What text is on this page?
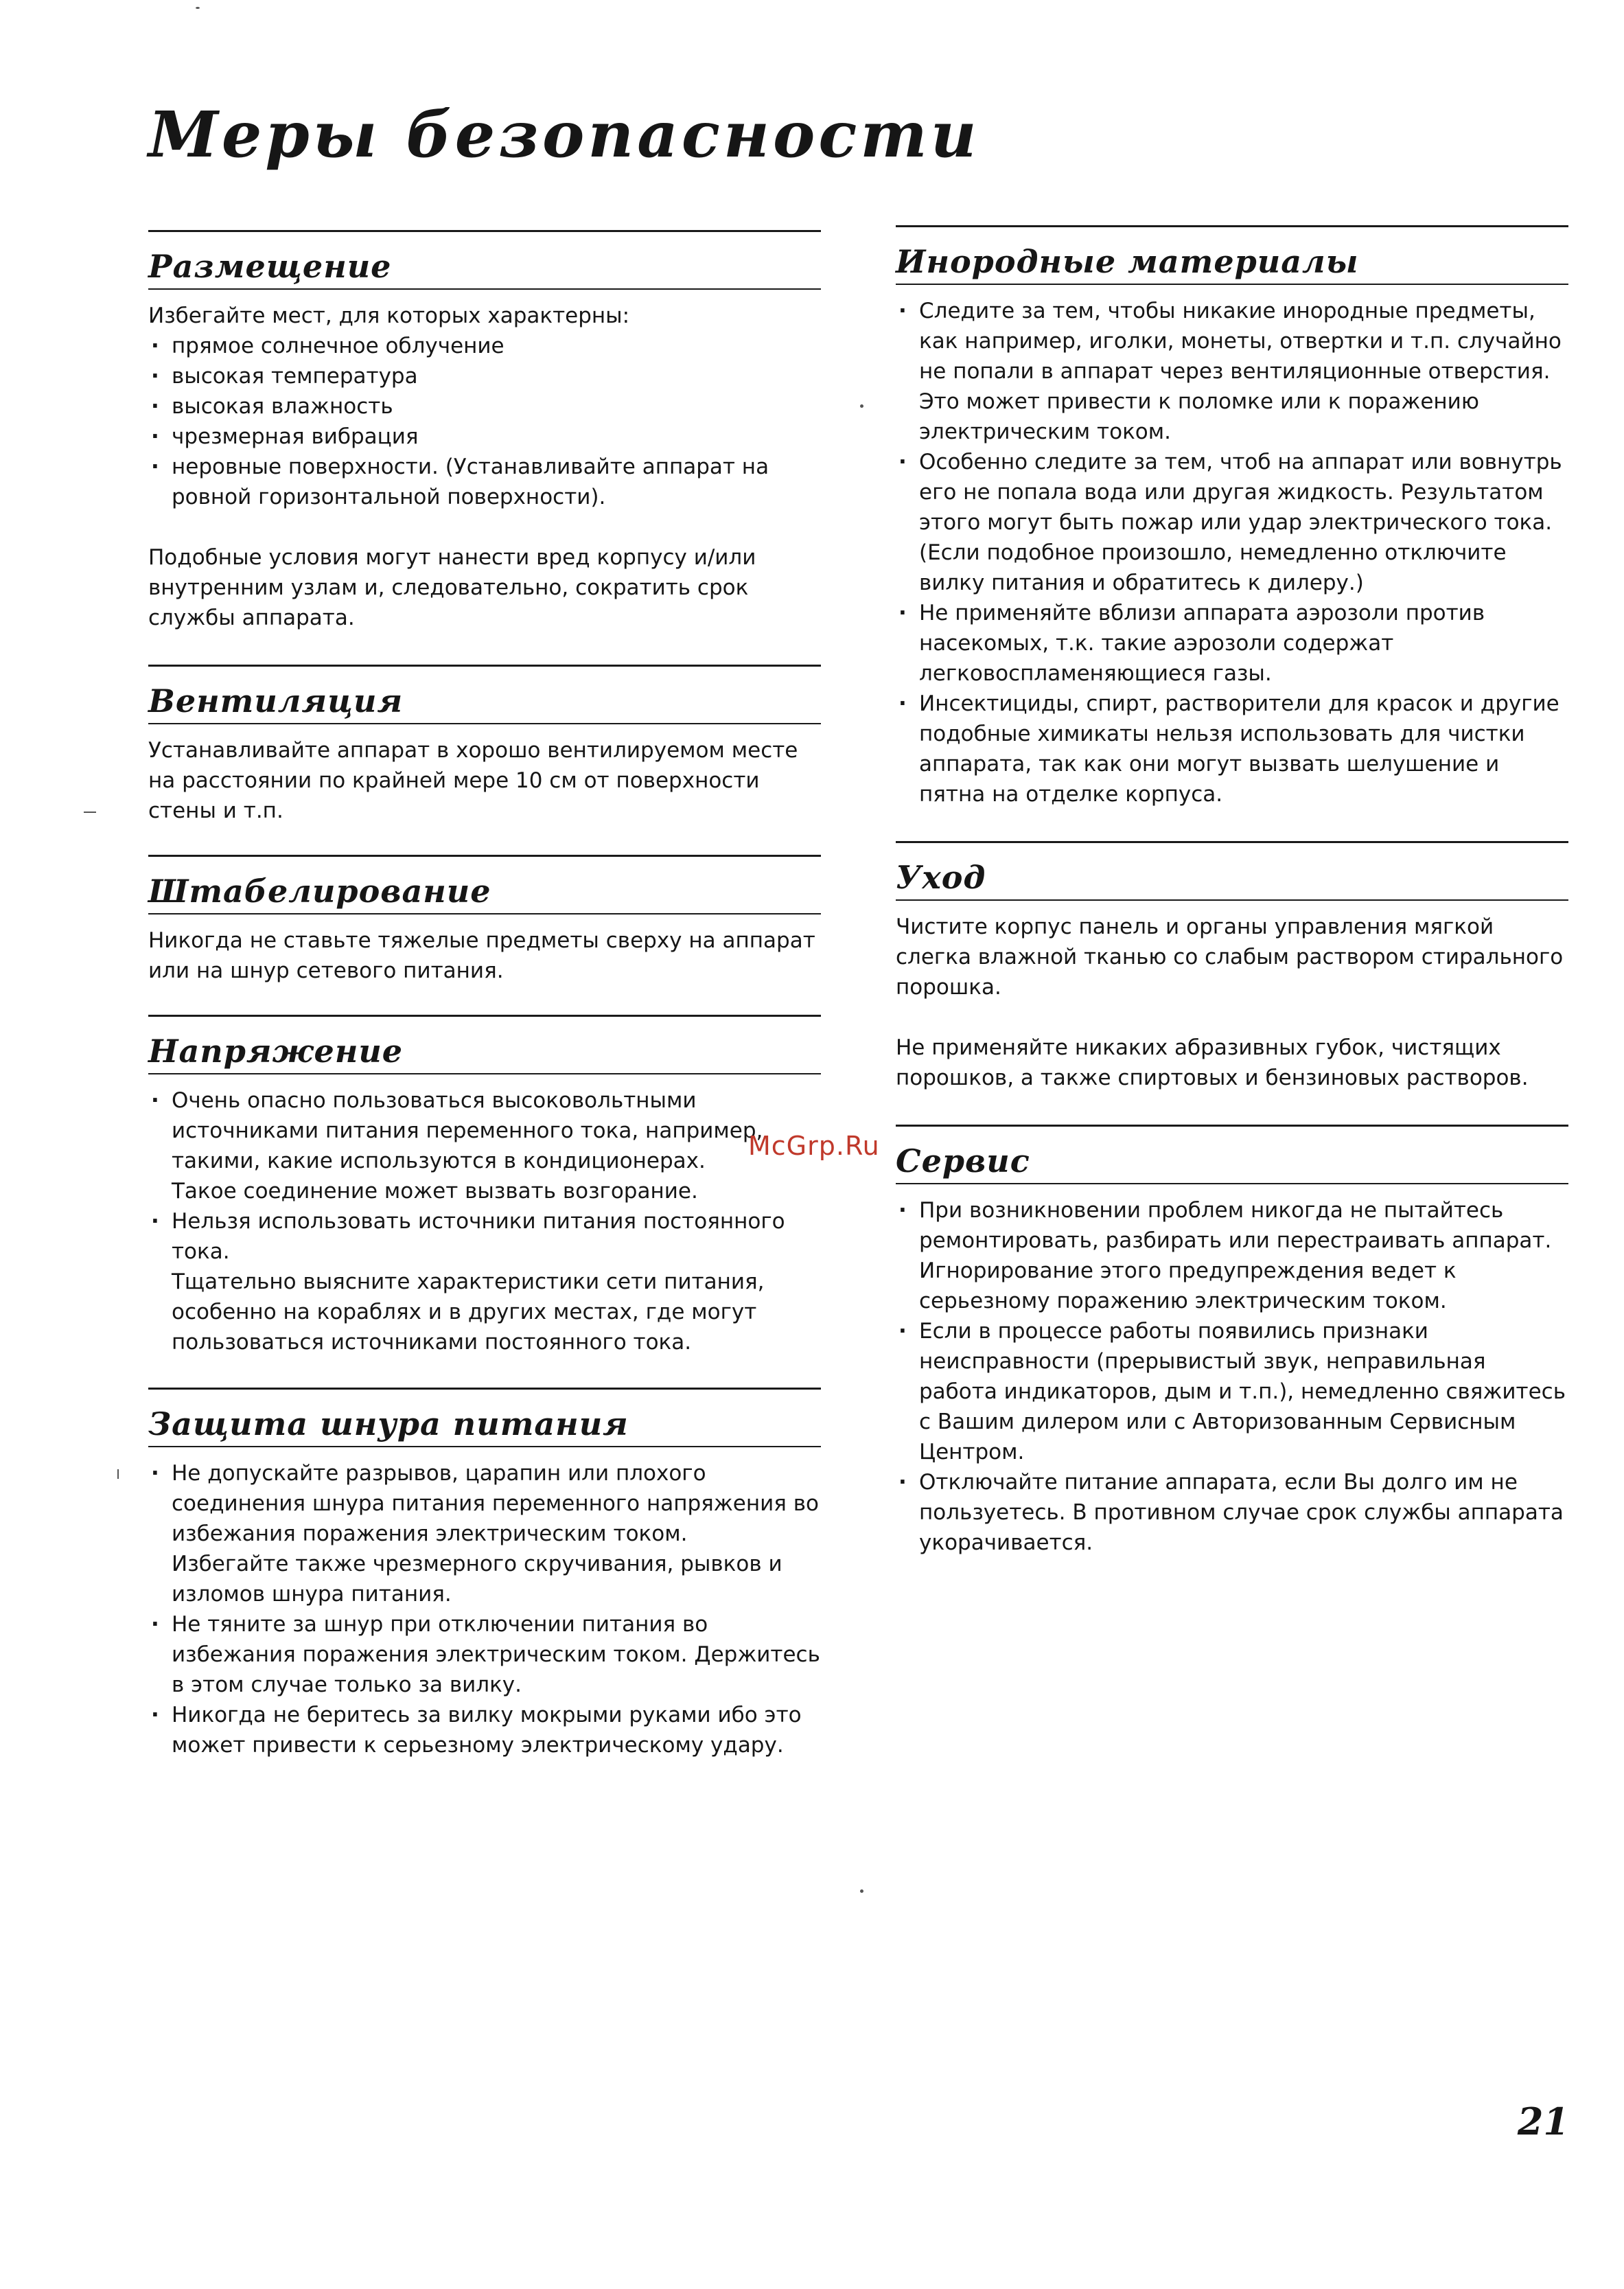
Меры безопасности
Размещение

Избегайте мест, для которых характерны:

· прямое солнечное облучение
· высокая температура
· высокая влажность
· чрезмерная вибрация
· неровные поверхности. (Устанавливайте аппарат на ровной горизонтальной поверхности).

Подобные условия могут нанести вред корпусу и/или внутренним узлам и, следовательно, сократить срок службы аппарата.

Вентиляция

Устанавливайте аппарат в хорошо вентилируемом месте на расстоянии по крайней мере 10 см от поверхности стены и т.п.

Штабелирование

Никогда не ставьте тяжелые предметы сверху на аппарат или на шнур сетевого питания.

Напряжение
· Очень опасно пользоваться высоковольтными источниками питания переменного тока, например, такими, какие используются в кондиционерах.
Такое соединение может вызвать возгорание.
· Нельзя использовать источники питания постоянного тока.
Тщательно выясните характеристики сети питания, особенно на кораблях и в других местах, где могут пользоваться источниками постоянного тока.
Защита шнура питания
· Не допускайте разрывов, царапин или плохого соединения шнура питания переменного напряжения во избежания поражения электрическим током.
Избегайте также чрезмерного скручивания, рывков и изломов шнура питания.
· Не тяните за шнур при отключении питания во избежания поражения электрическим током. Держитесь в этом случае только за вилку.
· Никогда не беритесь за вилку мокрыми руками ибо это может привести к серьезному электрическому удару.
Инородные материалы
· Следите за тем, чтобы никакие инородные предметы, как например, иголки, монеты, отвертки и т.п. случайно не попали в аппарат через вентиляционные отверстия. Это может привести к поломке или к поражению электрическим током.
· Особенно следите за тем, чтоб на аппарат или вовнутрь его не попала вода или другая жидкость. Результатом этого могут быть пожар или удар электрического тока. (Если подобное произошло, немедленно отключите вилку питания и обратитесь к дилеру.)
· Не применяйте вблизи аппарата аэрозоли против насекомых, т.к. такие аэрозоли содержат легковоспламеняющиеся газы.
· Инсектициды, спирт, растворители для красок и другие подобные химикаты нельзя использовать для чистки аппарата, так как они могут вызвать шелушение и пятна на отделке корпуса.
Уход

Чистите корпус панель и органы управления мягкой слегка влажной тканью со слабым раствором стирального порошка.

Не применяйте никаких абразивных губок, чистящих порошков, а также спиртовых и бензиновых растворов.

Сервис
· При возникновении проблем никогда не пытайтесь ремонтировать, разбирать или перестраивать аппарат. Игнорирование этого предупреждения ведет к серьезному поражению электрическим током.
· Если в процессе работы появились признаки неисправности (прерывистый звук, неправильная работа индикаторов, дым и т.п.), немедленно свяжитесь с Вашим дилером или с Авторизованным Сервисным Центром.
· Отключайте питание аппарата, если Вы долго им не пользуетесь. В противном случае срок службы аппарата укорачивается.
McGrp.Ru
21
